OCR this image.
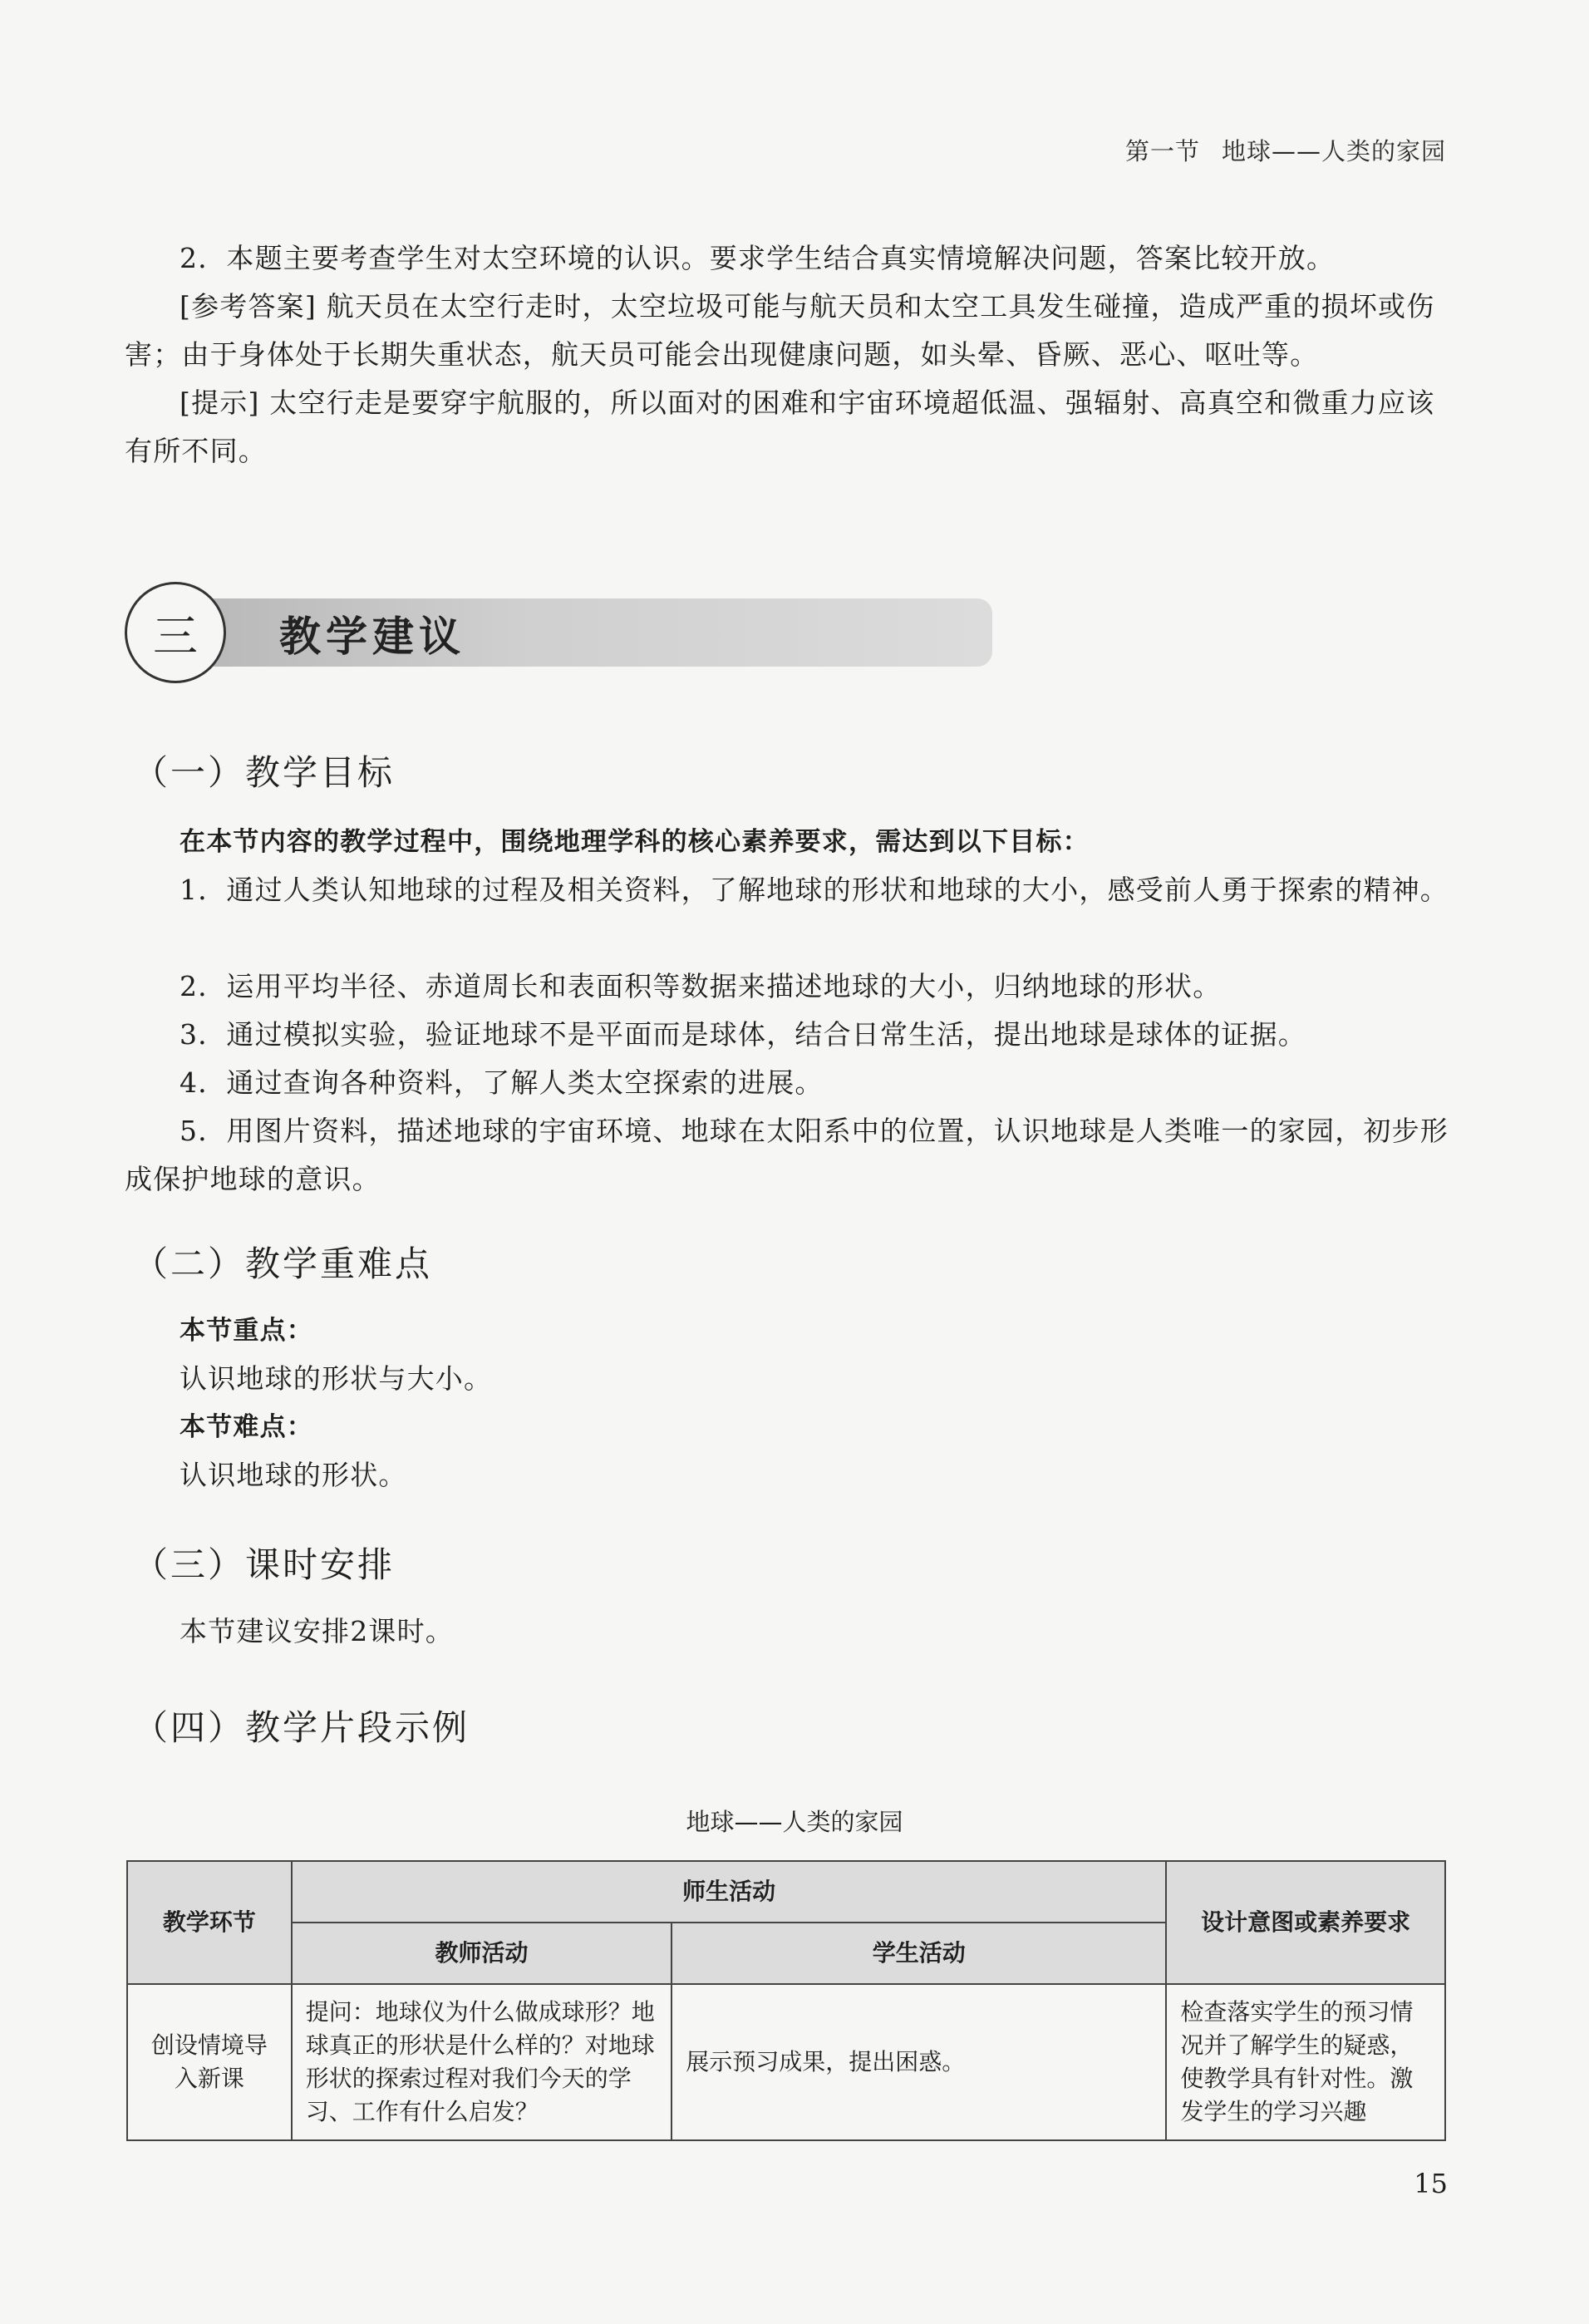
第一节 地球——人类的家园

2．本题主要考查学生对太空环境的认识。要求学生结合真实情境解决问题，答案比较开放。

[参考答案] 航天员在太空行走时，太空垃圾可能与航天员和太空工具发生碰撞，造成严重的损坏或伤害；由于身体处于长期失重状态，航天员可能会出现健康问题，如头晕、昏厥、恶心、呕吐等。

[提示] 太空行走是要穿宇航服的，所以面对的困难和宇宙环境超低温、强辐射、高真空和微重力应该有所不同。

三	教学建议
（一）教学目标

在本节内容的教学过程中，围绕地理学科的核心素养要求，需达到以下目标：

1．通过人类认知地球的过程及相关资料，了解地球的形状和地球的大小，感受前人勇于探索的精神。

2．运用平均半径、赤道周长和表面积等数据来描述地球的大小，归纳地球的形状。

3．通过模拟实验，验证地球不是平面而是球体，结合日常生活，提出地球是球体的证据。

4．通过查询各种资料，了解人类太空探索的进展。

5．用图片资料，描述地球的宇宙环境、地球在太阳系中的位置，认识地球是人类唯一的家园，初步形成保护地球的意识。

（二）教学重难点

本节重点：

认识地球的形状与大小。

本节难点：

认识地球的形状。

（三）课时安排

本节建议安排2课时。

（四）教学片段示例
地球——人类的家园
教学环节	师生活动		设计意图或素养要求
	教师活动	学生活动	
创设情境导入新课	提问：地球仪为什么做成球形？地球真正的形状是什么样的？对地球形状的探索过程对我们今天的学习、工作有什么启发？	展示预习成果，提出困惑。	检查落实学生的预习情况并了解学生的疑惑，使教学具有针对性。激发学生的学习兴趣
15
